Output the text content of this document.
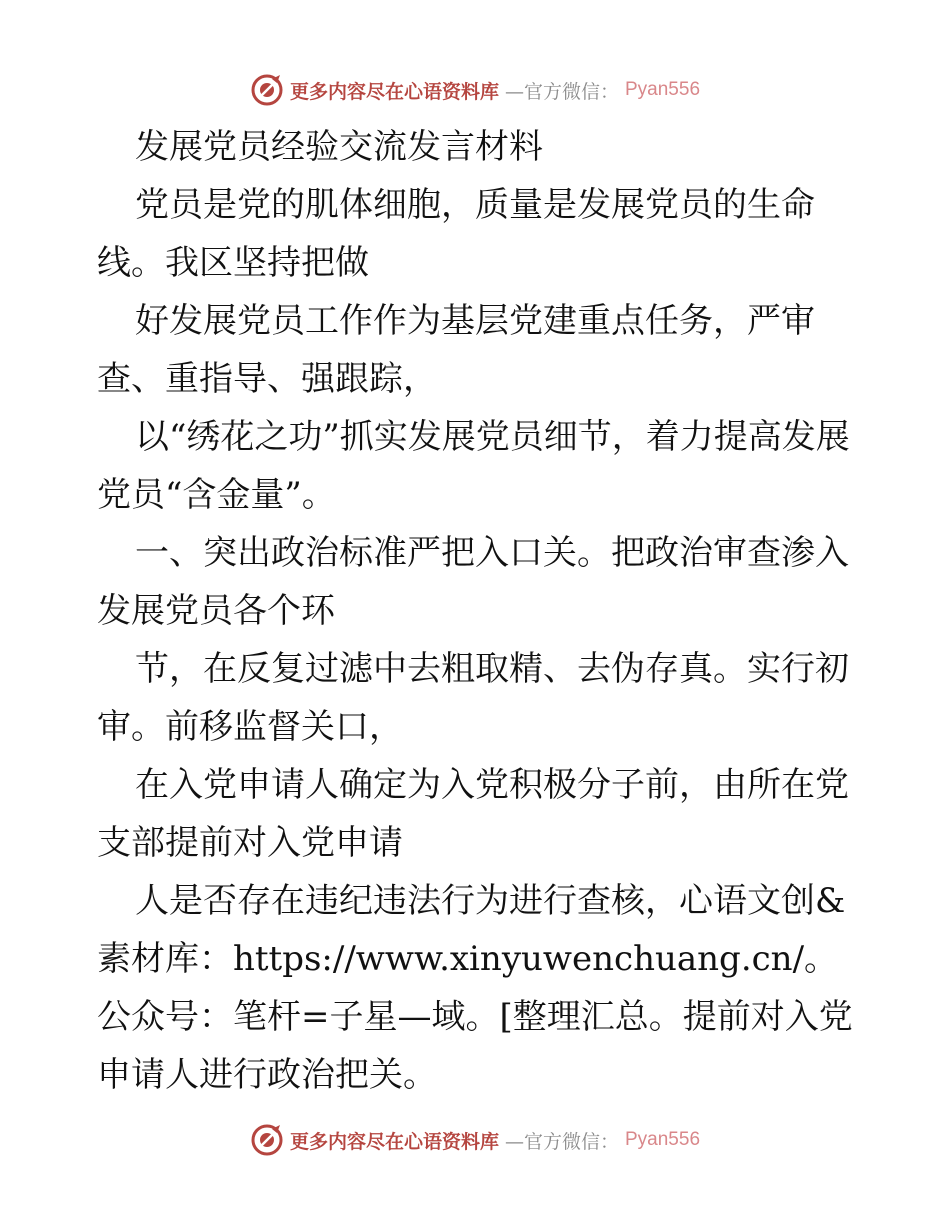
更多内容尽在心语资料库 —官方微信： Pyan556

发展党员经验交流发言材料

党员是党的肌体细胞，质量是发展党员的生命线。我区坚持把做

好发展党员工作作为基层党建重点任务，严审查、重指导、强跟踪，

以“绣花之功”抓实发展党员细节，着力提高发展党员“含金量”。

一、突出政治标准严把入口关。把政治审查渗入发展党员各个环

节，在反复过滤中去粗取精、去伪存真。实行初审。前移监督关口，

在入党申请人确定为入党积极分子前，由所在党支部提前对入党申请

人是否存在违纪违法行为进行查核，心语文创&素材库：https://www.xinyuwenchuang.cn/。公众号：笔杆=子星—域。[整理汇总。提前对入党申请人进行政治把关。

更多内容尽在心语资料库 —官方微信： Pyan556
